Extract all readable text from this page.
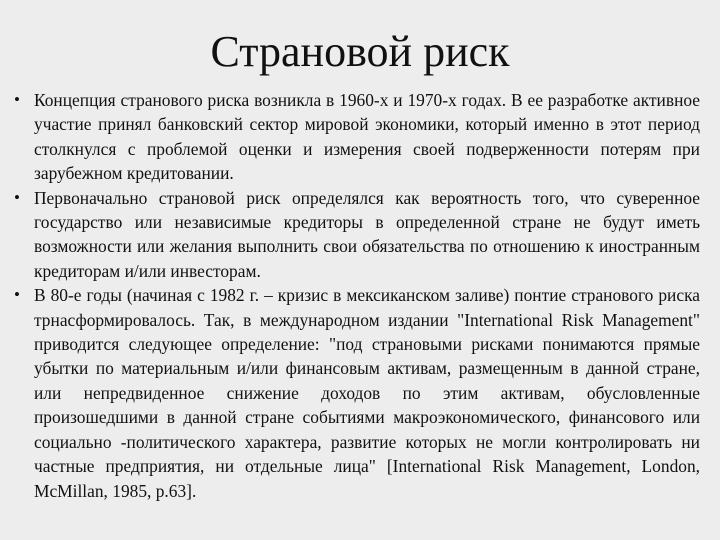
Страновой риск
• Концепция странового риска возникла в 1960-х и 1970-х годах. В ее разработке активное участие принял банковский сектор мировой экономики, который именно в этот период столкнулся с проблемой оценки и измерения своей подверженности потерям при зарубежном кредитовании.
• Первоначально страновой риск определялся как вероятность того, что суверенное государство или независимые кредиторы в определенной стране не будут иметь возможности или желания выполнить свои обязательства по отношению к иностранным кредиторам и/или инвесторам.
• В 80-е годы (начиная с 1982 г. – кризис в мексиканском заливе) понтие странового риска трнасформировалось. Так, в международном издании "International Risk Management" приводится следующее определение: "под страновыми рисками понимаются прямые убытки по материальным и/или финансовым активам, размещенным в данной стране, или непредвиденное снижение доходов по этим активам, обусловленные произошедшими в данной стране событиями макроэкономического, финансового или социально -политического характера, развитие которых не могли контролировать ни частные предприятия, ни отдельные лица" [International Risk Management, London, McMillan, 1985, p.63].
